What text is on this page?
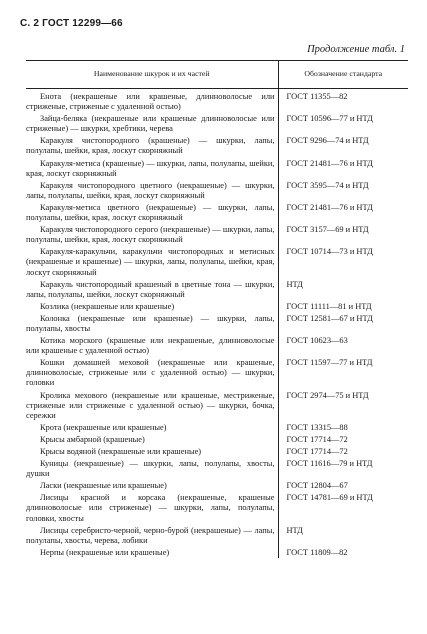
С. 2 ГОСТ 12299—66
Продолжение табл. 1
Наименование шкурок и их частей	Обозначение стандарта
Енота (некрашеные или крашеные, длинноволосые или стриженые, стриженые с удаленной остью)	ГОСТ 11355—82
Зайца-беляка (некрашеные или крашеные длинноволосые или стриженые) — шкурки, хребтики, черева	ГОСТ 10596—77 и НТД
Каракуля чистопородного (крашеные) — шкурки, лапы, полулапы, шейки, края, лоскут скорняжный	ГОСТ 9296—74 и НТД
Каракуля-метиса (крашеные) — шкурки, лапы, полулапы, шейки, края, лоскут скорняжный	ГОСТ 21481—76 и НТД
Каракуля чистопородного цветного (некрашеные) — шкурки, лапы, полулапы, шейки, края, лоскут скорняжный	ГОСТ 3595—74 и НТД
Каракуля-метиса цветного (некрашеные) — шкурки, лапы, полулапы, шейки, края, лоскут скорняжный	ГОСТ 21481—76 и НТД
Каракуля чистопородного серого (некрашеные) — шкурки, лапы, полулапы, шейки, края, лоскут скорняжный	ГОСТ 3157—69 и НТД
Каракуля-каракульчи, каракульчи чистопородных и метисных (некрашеные и крашеные) — шкурки, лапы, полулапы, шейки, края, лоскут скорняжный	ГОСТ 10714—73 и НТД
Каракуль чистопородный крашеный в цветные тона — шкурки, лапы, полулапы, шейки, лоскут скорняжный	НТД
Козлика (некрашеные или крашеные)	ГОСТ 11111—81 и НТД
Колонка (некрашеные или крашеные) — шкурки, лапы, полулапы, хвосты	ГОСТ 12581—67 и НТД
Котика морского (крашеные или некрашеные, длинноволосые или крашеные с удаленной остью)	ГОСТ 10623—63
Кошки домашней меховой (некрашеные или крашеные, длинноволосые, стриженые или с удаленной остью) — шкурки, головки	ГОСТ 11597—77 и НТД
Кролика мехового (некрашеные или крашеные, местриженые, стриженые или стриженые с удаленной остью) — шкурки, бочка, сережки	ГОСТ 2974—75 и НТД
Крота (некрашеные или крашеные)	ГОСТ 13315—88
Крысы амбарной (крашеные)	ГОСТ 17714—72
Крысы водяной (некрашеные или крашеные)	ГОСТ 17714—72
Куницы (некрашеные) — шкурки, лапы, полулапы, хвосты, душки	ГОСТ 11616—79 и НТД
Ласки (некрашеные или крашеные)	ГОСТ 12804—67
Лисицы красной и корсака (некрашеные, крашеные длинноволосые или стриженые) — шкурки, лапы, полулапы, головки, хвосты	ГОСТ 14781—69 и НТД
Лисицы серебристо-черной, черно-бурой (некрашеные) — лапы, полулапы, хвосты, черева, лобики	НТД
Нерпы (некрашеные или крашеные)	ГОСТ 11809—82
